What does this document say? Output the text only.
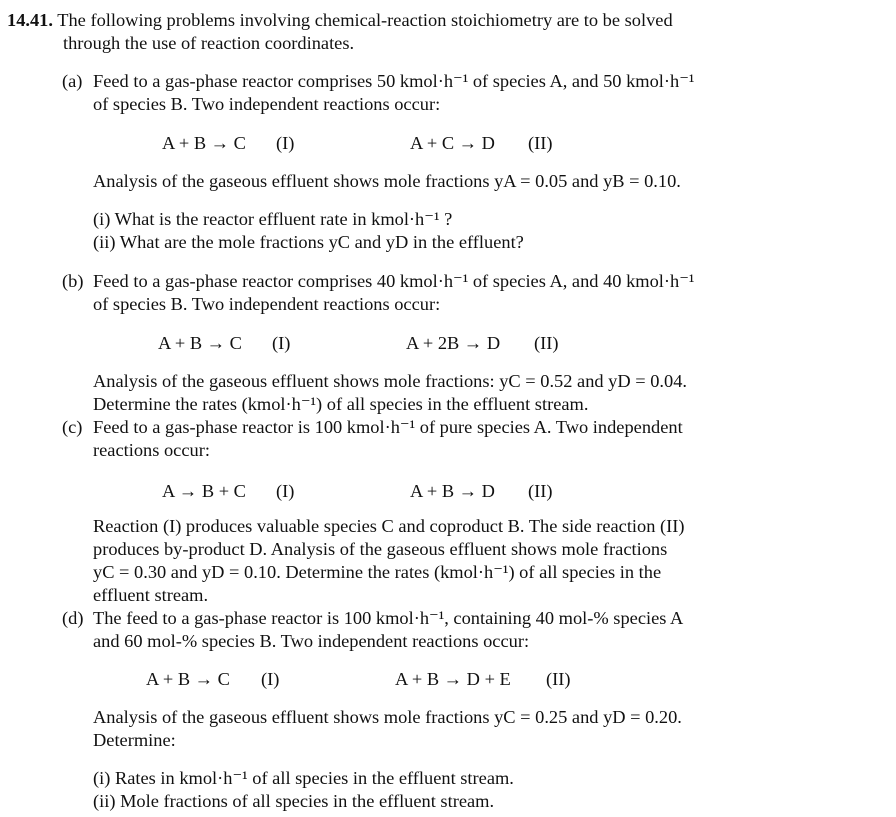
14.41. The following problems involving chemical-reaction stoichiometry are to be solved
through the use of reaction coordinates.
(a) Feed to a gas-phase reactor comprises 50 kmol·h⁻¹ of species A, and 50 kmol·h⁻¹
of species B. Two independent reactions occur:
A + B → C (I)	A + C → D (II)
Analysis of the gaseous effluent shows mole fractions yA = 0.05 and yB = 0.10.
(i) What is the reactor effluent rate in kmol·h⁻¹ ?
(ii) What are the mole fractions yC and yD in the effluent?
(b) Feed to a gas-phase reactor comprises 40 kmol·h⁻¹ of species A, and 40 kmol·h⁻¹
of species B. Two independent reactions occur:
A + B → C (I)	A + 2B → D (II)
Analysis of the gaseous effluent shows mole fractions: yC = 0.52 and yD = 0.04.
Determine the rates (kmol·h⁻¹) of all species in the effluent stream.
(c) Feed to a gas-phase reactor is 100 kmol·h⁻¹ of pure species A. Two independent
reactions occur:
A → B + C (I)	A + B → D (II)
Reaction (I) produces valuable species C and coproduct B. The side reaction (II)
produces by-product D. Analysis of the gaseous effluent shows mole fractions
yC = 0.30 and yD = 0.10. Determine the rates (kmol·h⁻¹) of all species in the
effluent stream.
(d) The feed to a gas-phase reactor is 100 kmol·h⁻¹, containing 40 mol-% species A
and 60 mol-% species B. Two independent reactions occur:
A + B → C (I)	A + B → D + E (II)
Analysis of the gaseous effluent shows mole fractions yC = 0.25 and yD = 0.20.
Determine:
(i) Rates in kmol·h⁻¹ of all species in the effluent stream.
(ii) Mole fractions of all species in the effluent stream.
